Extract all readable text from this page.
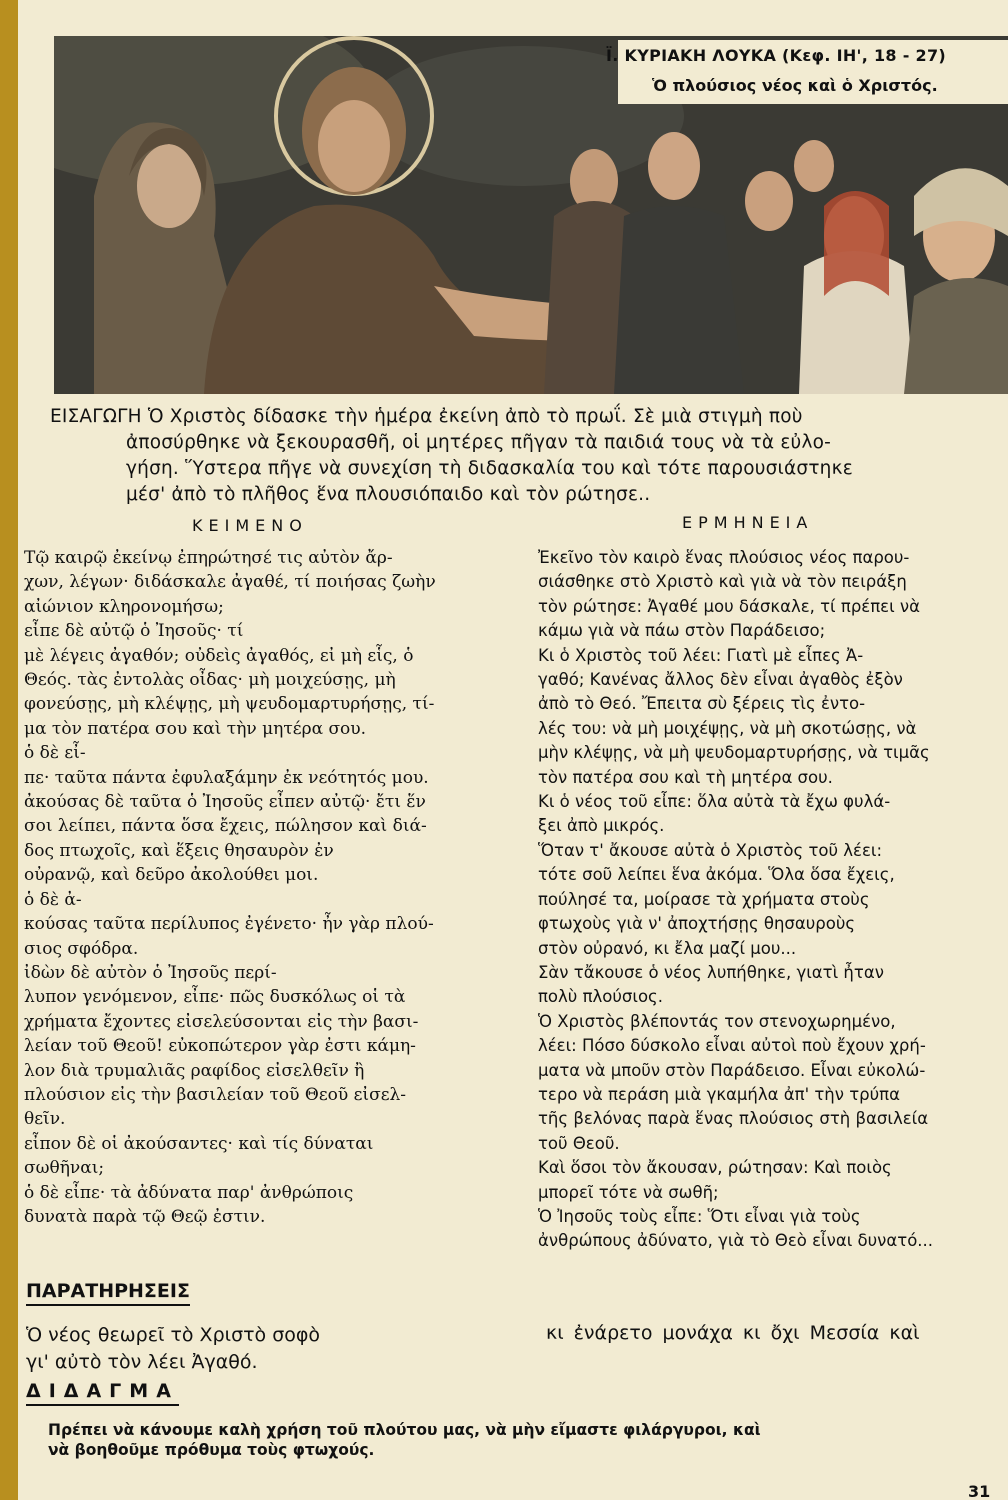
Ϊ. ΚΥΡΙΑΚΗ ΛΟΥΚΑ (Κεφ. ΙΗ', 18 - 27)
Ὁ πλούσιος νέος καὶ ὁ Χριστός.
ΕΙΣΑΓΩΓΗ Ὁ Χριστὸς δίδασκε τὴν ἡμέρα ἐκείνη ἀπὸ τὸ πρωΐ. Σὲ μιὰ στιγμὴ ποὺ
ἀποσύρθηκε νὰ ξεκουρασθῆ, οἱ μητέρες πῆγαν τὰ παιδιά τους νὰ τὰ εὐλο-
γήση. Ὕστερα πῆγε νὰ συνεχίση τὴ διδασκαλία του καὶ τότε παρουσιάστηκε
μέσ' ἀπὸ τὸ πλῆθος ἕνα πλουσιόπαιδο καὶ τὸν ρώτησε..
ΚΕΙΜΕΝΟ	ΕΡΜΗΝΕΙΑ
Τῷ καιρῷ ἐκείνῳ ἐπηρώτησέ τις αὐτὸν ἄρ-
χων, λέγων· διδάσκαλε ἀγαθέ, τί ποιήσας ζωὴν
αἰώνιον κληρονομήσω;
εἶπε δὲ αὐτῷ ὁ Ἰησοῦς· τί
μὲ λέγεις ἀγαθόν; οὐδεὶς ἀγαθός, εἰ μὴ εἷς, ὁ
Θεός. τὰς ἐντολὰς οἶδας· μὴ μοιχεύσῃς, μὴ
φονεύσῃς, μὴ κλέψῃς, μὴ ψευδομαρτυρήσῃς, τί-
μα τὸν πατέρα σου καὶ τὴν μητέρα σου.
ὁ δὲ εἶ-
πε· ταῦτα πάντα ἐφυλαξάμην ἐκ νεότητός μου.
ἀκούσας δὲ ταῦτα ὁ Ἰησοῦς εἶπεν αὐτῷ· ἔτι ἕν
σοι λείπει, πάντα ὅσα ἔχεις, πώλησον καὶ διά-
δος πτωχοῖς, καὶ ἕξεις θησαυρὸν ἐν
οὐρανῷ, καὶ δεῦρο ἀκολούθει μοι.
ὁ δὲ ἀ-
κούσας ταῦτα περίλυπος ἐγένετο· ἦν γὰρ πλού-
σιος σφόδρα.
ἰδὼν δὲ αὐτὸν ὁ Ἰησοῦς περί-
λυπον γενόμενον, εἶπε· πῶς δυσκόλως οἱ τὰ
χρήματα ἔχοντες εἰσελεύσονται εἰς τὴν βασι-
λείαν τοῦ Θεοῦ! εὐκοπώτερον γὰρ ἐστι κάμη-
λον διὰ τρυμαλιᾶς ραφίδος εἰσελθεῖν ἢ
πλούσιον εἰς τὴν βασιλείαν τοῦ Θεοῦ εἰσελ-
θεῖν.
εἶπον δὲ οἱ ἀκούσαντες· καὶ τίς δύναται
σωθῆναι;
ὁ δὲ εἶπε· τὰ ἀδύνατα παρ' ἀνθρώποις
δυνατὰ παρὰ τῷ Θεῷ ἐστιν.
Ἐκεῖνο τὸν καιρὸ ἕνας πλούσιος νέος παρου-
σιάσθηκε στὸ Χριστὸ καὶ γιὰ νὰ τὸν πειράξη
τὸν ρώτησε: Ἀγαθέ μου δάσκαλε, τί πρέπει νὰ
κάμω γιὰ νὰ πάω στὸν Παράδεισο;
Κι ὁ Χριστὸς τοῦ λέει: Γιατὶ μὲ εἶπες Ἀ-
γαθό; Κανένας ἄλλος δὲν εἶναι ἀγαθὸς ἐξὸν
ἀπὸ τὸ Θεό. Ἔπειτα σὺ ξέρεις τὶς ἐντο-
λές του: νὰ μὴ μοιχέψῃς, νὰ μὴ σκοτώσῃς, νὰ
μὴν κλέψῃς, νὰ μὴ ψευδομαρτυρήσῃς, νὰ τιμᾶς
τὸν πατέρα σου καὶ τὴ μητέρα σου.
Κι ὁ νέος τοῦ εἶπε: ὅλα αὐτὰ τὰ ἔχω φυλά-
ξει ἀπὸ μικρός.
Ὅταν τ' ἄκουσε αὐτὰ ὁ Χριστὸς τοῦ λέει:
τότε σοῦ λείπει ἕνα ἀκόμα. Ὅλα ὅσα ἔχεις,
πούλησέ τα, μοίρασε τὰ χρήματα στοὺς
φτωχοὺς γιὰ ν' ἀποχτήσῃς θησαυροὺς
στὸν οὐρανό, κι ἔλα μαζί μου...
Σὰν τἄκουσε ὁ νέος λυπήθηκε, γιατὶ ἦταν
πολὺ πλούσιος.
Ὁ Χριστὸς βλέποντάς τον στενοχωρημένο,
λέει: Πόσο δύσκολο εἶναι αὐτοὶ ποὺ ἔχουν χρή-
ματα νὰ μποῦν στὸν Παράδεισο. Εἶναι εὐκολώ-
τερο νὰ περάση μιὰ γκαμήλα ἀπ' τὴν τρύπα
τῆς βελόνας παρὰ ἕνας πλούσιος στὴ βασιλεία
τοῦ Θεοῦ.
Καὶ ὅσοι τὸν ἄκουσαν, ρώτησαν: Καὶ ποιὸς
μπορεῖ τότε νὰ σωθῆ;
Ὁ Ἰησοῦς τοὺς εἶπε: Ὅτι εἶναι γιὰ τοὺς
ἀνθρώπους ἀδύνατο, γιὰ τὸ Θεὸ εἶναι δυνατό...
ΠΑΡΑΤΗΡΗΣΕΙΣ
Ὁ νέος θεωρεῖ τὸ Χριστὸ σοφὸ
γι' αὐτὸ τὸν λέει Ἀγαθό.
κι ἐνάρετο μονάχα κι ὄχι Μεσσία καὶ
ΔΙΔΑΓΜΑ
Πρέπει νὰ κάνουμε καλὴ χρήση τοῦ πλούτου μας, νὰ μὴν εἴμαστε φιλάργυροι, καὶ
νὰ βοηθοῦμε πρόθυμα τοὺς φτωχούς.
31
